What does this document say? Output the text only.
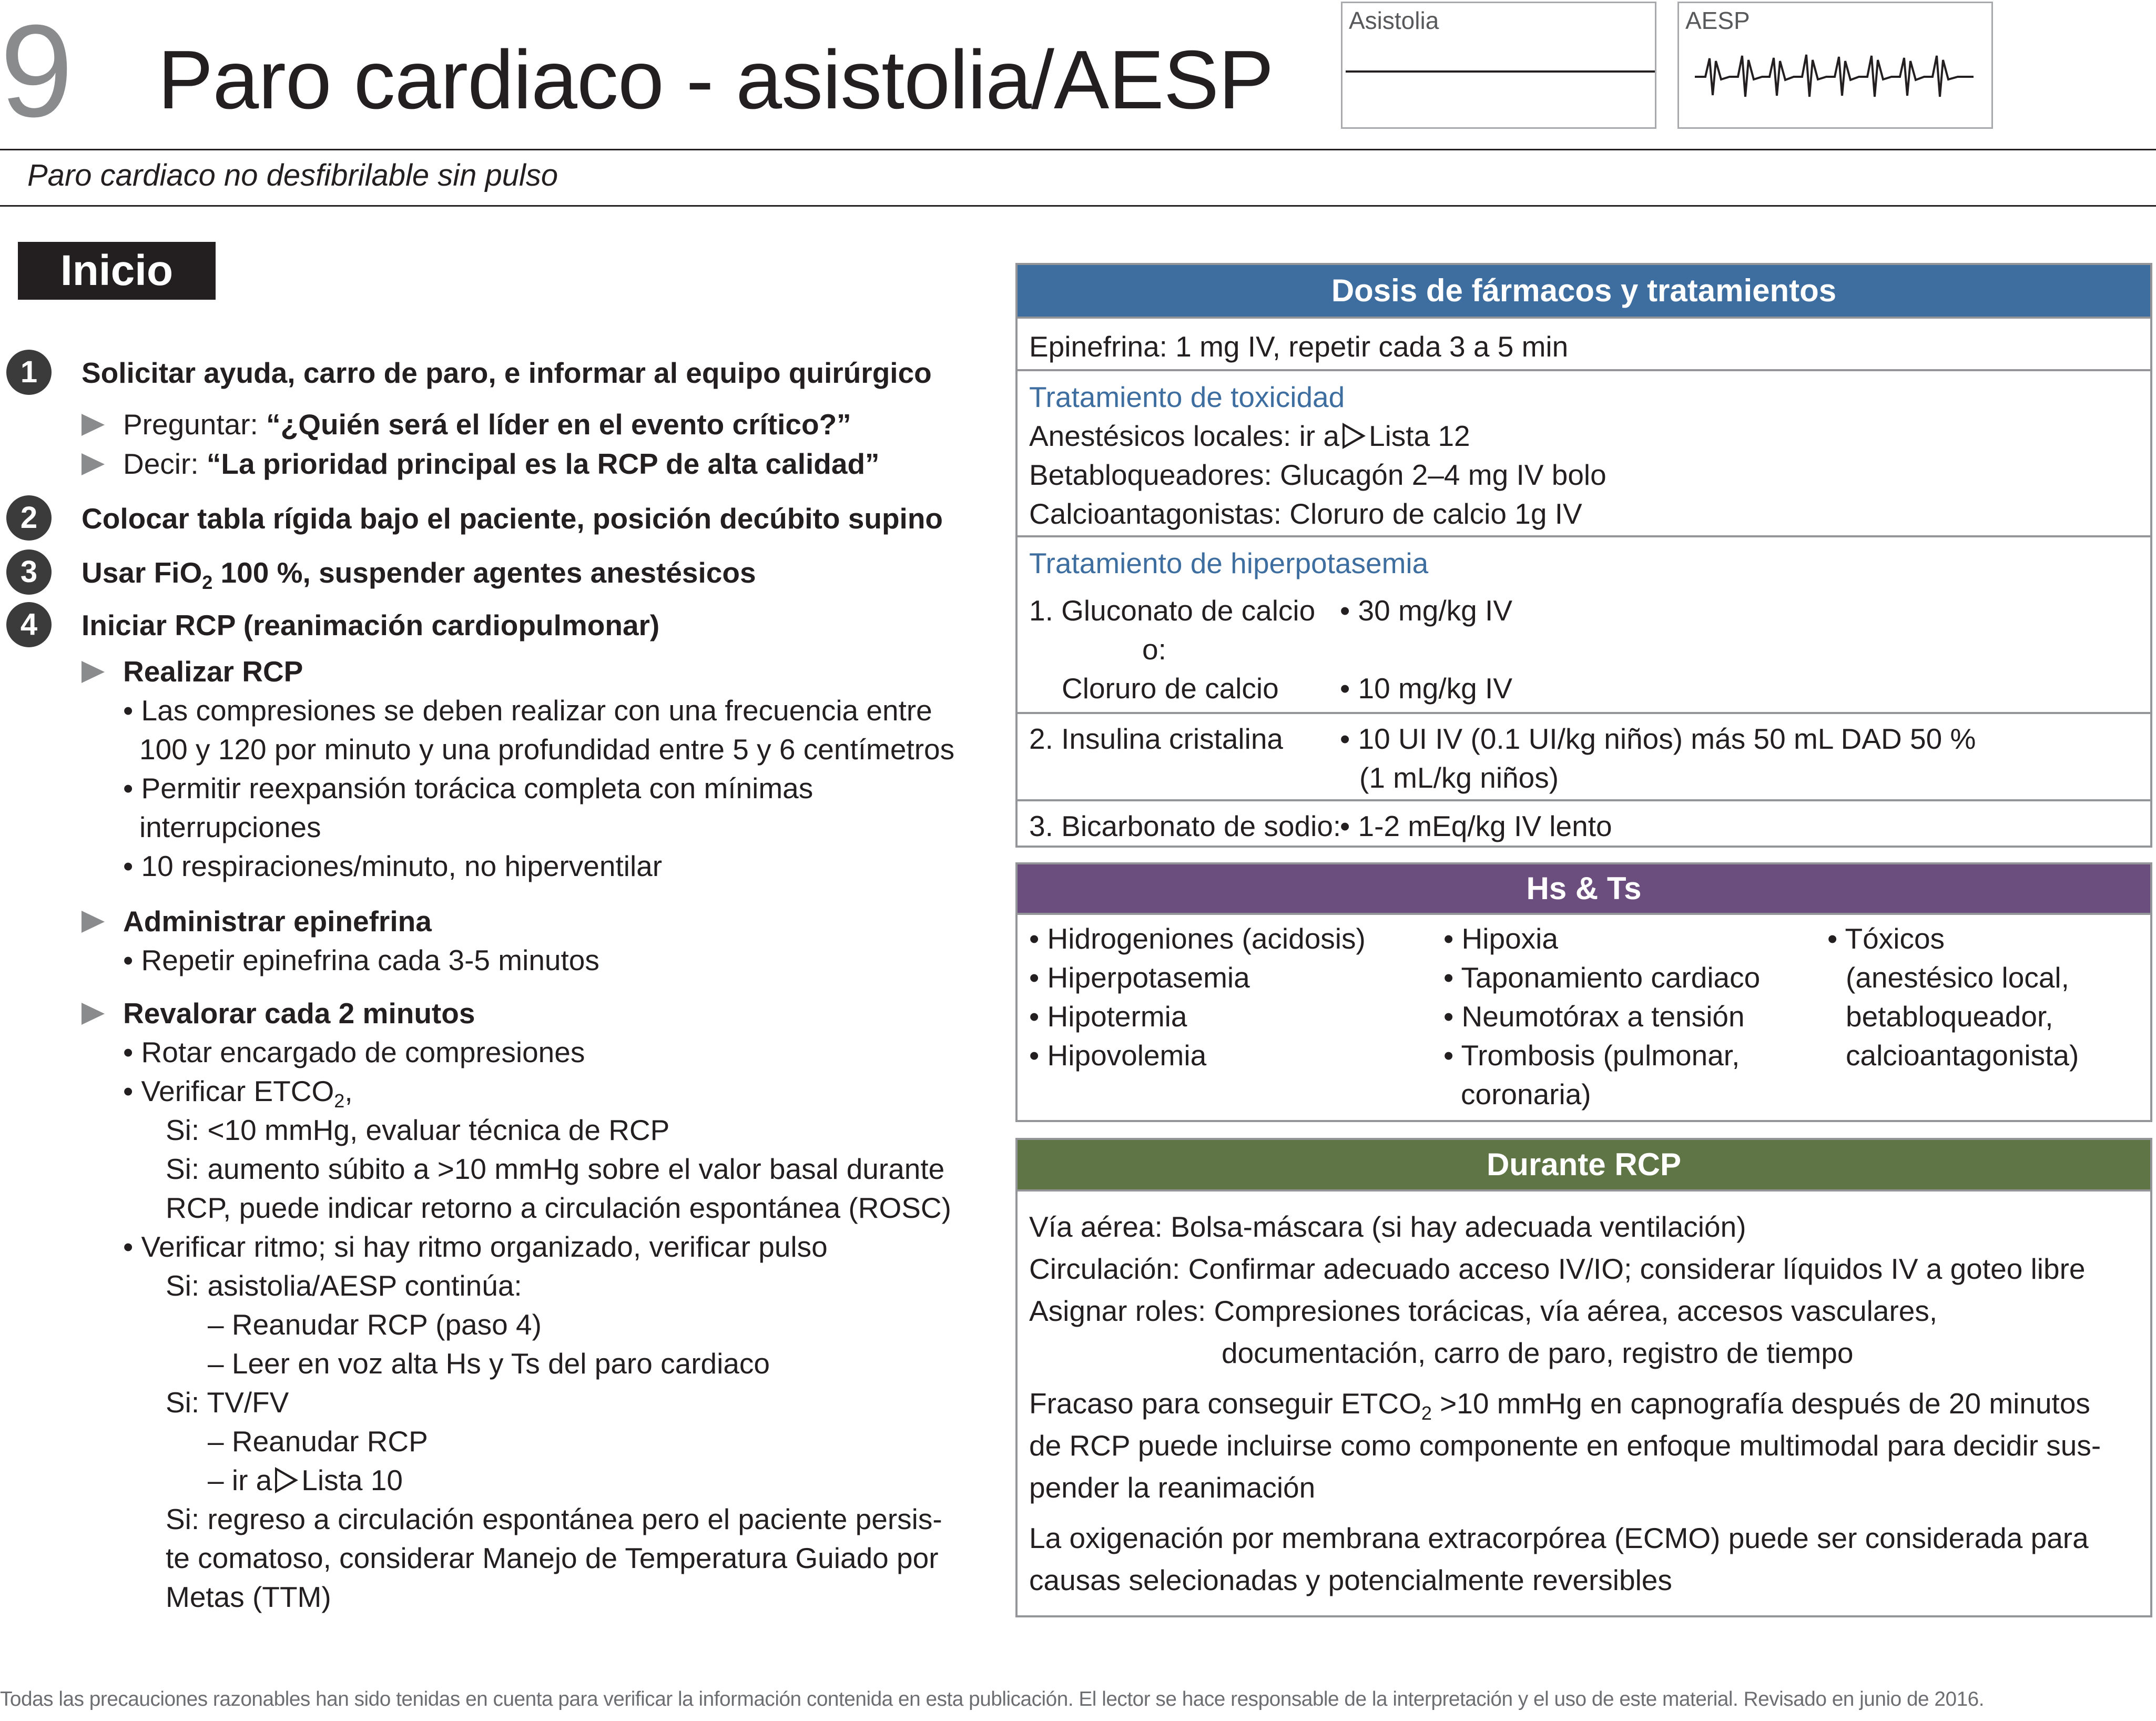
9 Paro cardiaco - asistolia/AESP
Asistolia	AESP
Paro cardiaco no desfibrilable sin pulso
Inicio
1	Solicitar ayuda, carro de paro, e informar al equipo quirúrgico
Preguntar: “¿Quién será el líder en el evento crítico?”
Decir: “La prioridad principal es la RCP de alta calidad”
2	Colocar tabla rígida bajo el paciente, posición decúbito supino
3	Usar FiO$_2$ 100 %, suspender agentes anestésicos
4	Iniciar RCP (reanimación cardiopulmonar)
Realizar RCP
• Las compresiones se deben realizar con una frecuencia entre
100 y 120 por minuto y una profundidad entre 5 y 6 centímetros
• Permitir reexpansión torácica completa con mínimas
interrupciones
• 10 respiraciones/minuto, no hiperventilar
Administrar epinefrina
• Repetir epinefrina cada 3-5 minutos
Revalorar cada 2 minutos
• Rotar encargado de compresiones
• Verificar $ETCO_2$,
Si: <10 mmHg, evaluar técnica de RCP
Si: aumento súbito a >10 mmHg sobre el valor basal durante
RCP, puede indicar retorno a circulación espontánea (ROSC)
• Verificar ritmo; si hay ritmo organizado, verificar pulso
Si: asistolia/AESP continúa:
– Reanudar RCP (paso 4)
– Leer en voz alta Hs y Ts del paro cardiaco
Si: TV/FV
– Reanudar RCP
– ir a Lista 10
Si: regreso a circulación espontánea pero el paciente persis-
te comatoso, considerar Manejo de Temperatura Guiado por
Metas (TTM)
Dosis de fármacos y tratamientos
Epinefrina: 1 mg IV, repetir cada 3 a 5 min
Tratamiento de toxicidad
Anestésicos locales: ir a Lista 12
Betabloqueadores: Glucagón 2–4 mg IV bolo
Calcioantagonistas: Cloruro de calcio 1g IV
Tratamiento de hiperpotasemia
1. Gluconato de calcio • 30 mg/kg IV
o:
Cloruro de calcio • 10 mg/kg IV
2. Insulina cristalina • 10 UI IV (0.1 UI/kg niños) más 50 mL DAD 50 %
(1 mL/kg niños)
3. Bicarbonato de sodio:
• 1-2 mEq/kg IV lento
Hs & Ts
• Hidrogeniones (acidosis)
• Hiperpotasemia
• Hipotermia
• Hipovolemia
• Hipoxia
• Taponamiento cardiaco
• Neumotórax a tensión
• Trombosis (pulmonar,
coronaria)
• Tóxicos
(anestésico local,
betabloqueador,
calcioantagonista)
Durante RCP
Vía aérea: Bolsa-máscara (si hay adecuada ventilación)
Circulación: Confirmar adecuado acceso IV/IO; considerar líquidos IV a goteo libre
Asignar roles: Compresiones torácicas, vía aérea, accesos vasculares,
documentación, carro de paro, registro de tiempo
Fracaso para conseguir $ETCO_2 >10$ mmHg en capnografía después de 20 minutos
de RCP puede incluirse como componente en enfoque multimodal para decidir sus-
pender la reanimación
La oxigenación por membrana extracorpórea (ECMO) puede ser considerada para
causas selecionadas y potencialmente reversibles
Todas las precauciones razonables han sido tenidas en cuenta para verificar la información contenida en esta publicación. El lector se hace responsable de la interpretación y el uso de este material. Revisado en junio de 2016.
